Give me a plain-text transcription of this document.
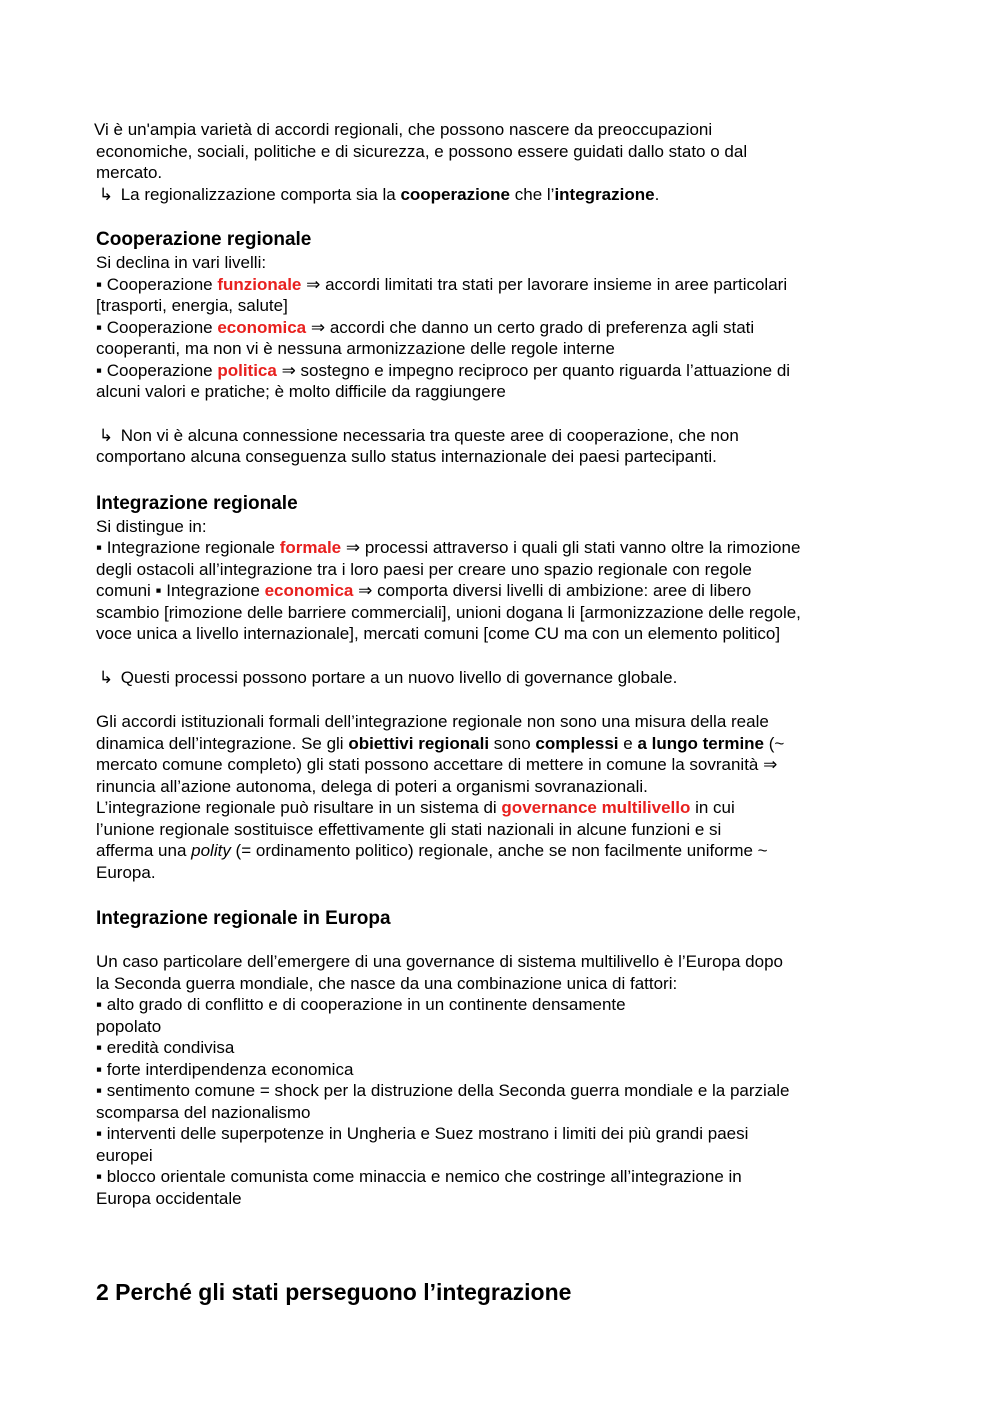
Vi è un'ampia varietà di accordi regionali, che possono nascere da preoccupazioni

economiche, sociali, politiche e di sicurezza, e possono essere guidati dallo stato o dal

mercato.

↳ La regionalizzazione comporta sia la cooperazione che l’integrazione.

Cooperazione regionale

Si declina in vari livelli:

▪ Cooperazione funzionale ⇒ accordi limitati tra stati per lavorare insieme in aree particolari

[trasporti, energia, salute]

▪ Cooperazione economica ⇒ accordi che danno un certo grado di preferenza agli stati

cooperanti, ma non vi è nessuna armonizzazione delle regole interne

▪ Cooperazione politica ⇒ sostegno e impegno reciproco per quanto riguarda l’attuazione di

alcuni valori e pratiche; è molto difficile da raggiungere

↳ Non vi è alcuna connessione necessaria tra queste aree di cooperazione, che non

comportano alcuna conseguenza sullo status internazionale dei paesi partecipanti.

Integrazione regionale

Si distingue in:

▪ Integrazione regionale formale ⇒ processi attraverso i quali gli stati vanno oltre la rimozione

degli ostacoli all’integrazione tra i loro paesi per creare uno spazio regionale con regole

comuni ▪ Integrazione economica ⇒ comporta diversi livelli di ambizione: aree di libero

scambio [rimozione delle barriere commerciali], unioni dogana li [armonizzazione delle regole,

voce unica a livello internazionale], mercati comuni [come CU ma con un elemento politico]

↳ Questi processi possono portare a un nuovo livello di governance globale.

Gli accordi istituzionali formali dell’integrazione regionale non sono una misura della reale

dinamica dell’integrazione. Se gli obiettivi regionali sono complessi e a lungo termine (~

mercato comune completo) gli stati possono accettare di mettere in comune la sovranità ⇒

rinuncia all’azione autonoma, delega di poteri a organismi sovranazionali.

L’integrazione regionale può risultare in un sistema di governance multilivello in cui

l’unione regionale sostituisce effettivamente gli stati nazionali in alcune funzioni e si

afferma una polity (= ordinamento politico) regionale, anche se non facilmente uniforme ~

Europa.

Integrazione regionale in Europa

Un caso particolare dell’emergere di una governance di sistema multilivello è l’Europa dopo

la Seconda guerra mondiale, che nasce da una combinazione unica di fattori:

▪ alto grado di conflitto e di cooperazione in un continente densamente

popolato

▪ eredità condivisa

▪ forte interdipendenza economica

▪ sentimento comune = shock per la distruzione della Seconda guerra mondiale e la parziale

scomparsa del nazionalismo

▪ interventi delle superpotenze in Ungheria e Suez mostrano i limiti dei più grandi paesi

europei

▪ blocco orientale comunista come minaccia e nemico che costringe all’integrazione in

Europa occidentale

2 Perché gli stati perseguono l’integrazione
